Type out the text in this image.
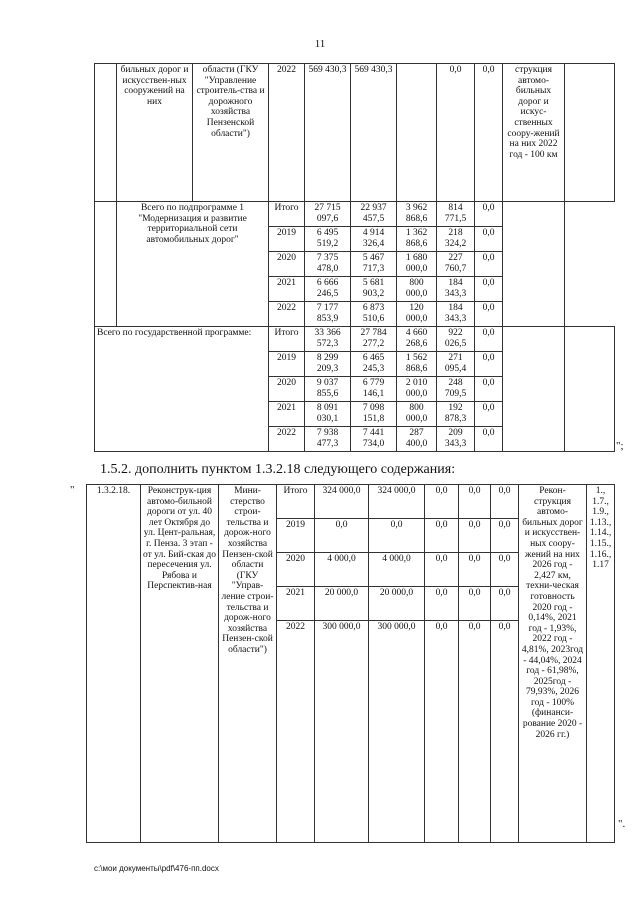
11
	бильных дорог и искусствен-ных сооружений на них	области (ГКУ "Управление строитель-ства и дорожного хозяйства Пензенской области")	2022	569 430,3	569 430,3		0,0	0,0	струкция автомо-бильных дорог и искус-ственных соору-жений на них 2022 год - 100 км	
	Всего по подпрограмме 1 "Модернизация и развитие территориальной сети автомобильных дорог"		Итого	27 715 097,6	22 937 457,5	3 962 868,6	814 771,5	0,0		
			2019	6 495 519,2	4 914 326,4	1 362 868,6	218 324,2	0,0		
			2020	7 375 478,0	5 467 717,3	1 680 000,0	227 760,7	0,0		
			2021	6 666 246,5	5 681 903,2	800 000,0	184 343,3	0,0		
			2022	7 177 853,9	6 873 510,6	120 000,0	184 343,3	0,0		
Всего по государственной программе:			Итого	33 366 572,3	27 784 277,2	4 660 268,6	922 026,5	0,0		
			2019	8 299 209,3	6 465 245,3	1 562 868,6	271 095,4	0,0		
			2020	9 037 855,6	6 779 146,1	2 010 000,0	248 709,5	0,0		
			2021	8 091 030,1	7 098 151,8	800 000,0	192 878,3	0,0		
			2022	7 938 477,3	7 441 734,0	287 400,0	209 343,3	0,0		
";
1.5.2. дополнить пунктом 1.3.2.18 следующего содержания:
" 1.3.2.18.	Реконструк-ция автомо-бильной дороги от ул. 40 лет Октября до ул. Цент-ральная, г. Пенза. 3 этап - от ул. Бий-ская до пересечения ул. Рябова и Перспектив-ная	Мини-стерство строи-тельства и дорож-ного хозяйства Пензен-ской области (ГКУ "Управ-ление строи-тельства и дорож-ного хозяйства Пензен-ской области")	Итого	324 000,0	324 000,0	0,0	0,0	0,0	Рекон-струкция автомо-бильных дорог и искусствен-ных соору-жений на них 2026 год - 2,427 км, техни-ческая готовность 2020 год - 0,14%, 2021 год - 1,93%, 2022 год - 4,81%, 2023год - 44,04%, 2024 год - 61,98%, 2025год - 79,93%, 2026 год - 100% (финанси-рование 2020 - 2026 гг.)	1., 1.7., 1.9., 1.13., 1.14., 1.15., 1.16., 1.17
			2019	0,0	0,0	0,0	0,0	0,0		
			2020	4 000,0	4 000,0	0,0	0,0	0,0		
			2021	20 000,0	20 000,0	0,0	0,0	0,0		
			2022	300 000,0	300 000,0	0,0	0,0	0,0		
".
c:\мои документы\pdf\476-пп.docx
